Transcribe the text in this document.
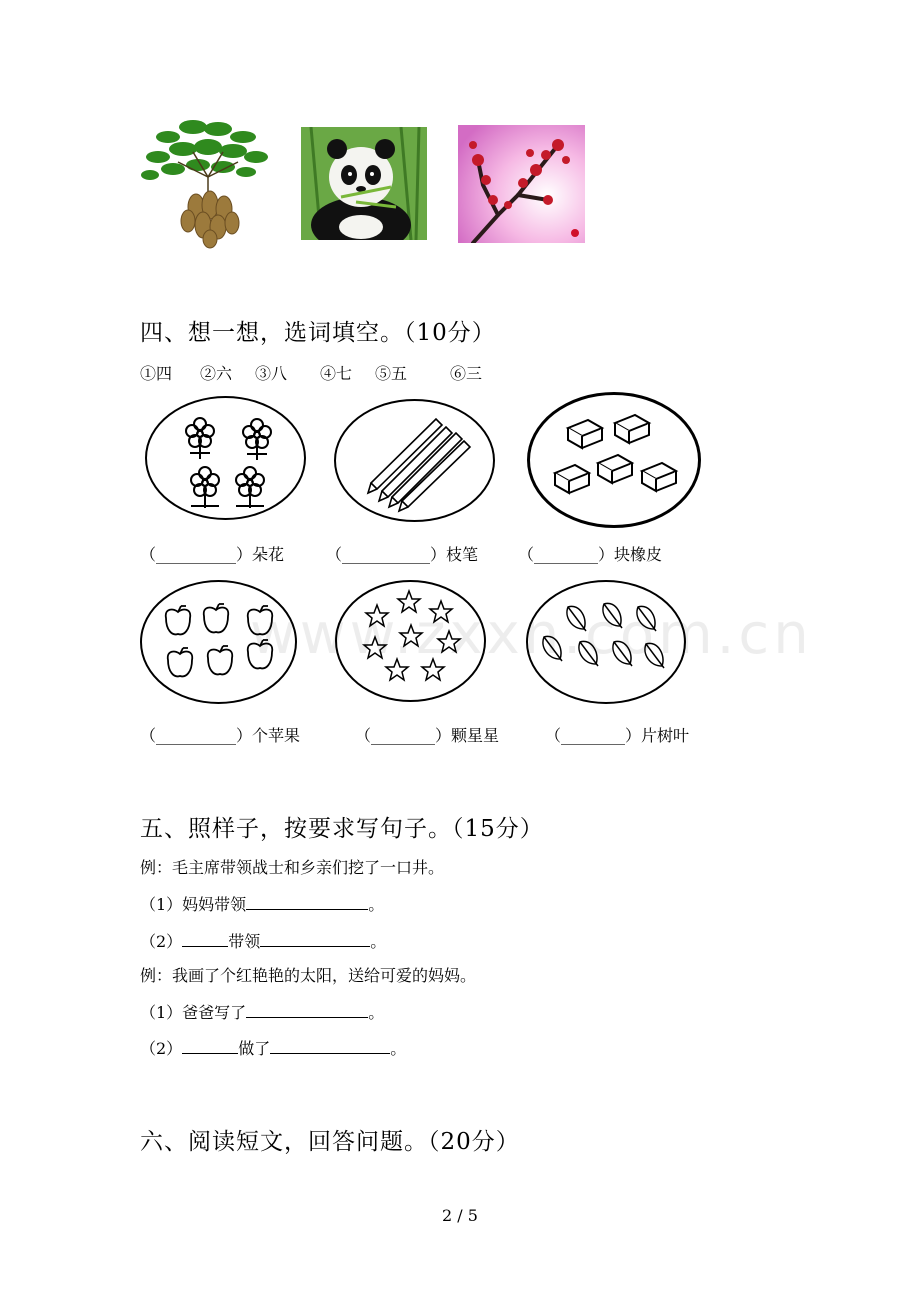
四、想一想，选词填空。（10分）
①四 ②六 ③八 ④七 ⑤五	⑥三
（__________）朵花	（___________）枝笔 （________）块橡皮
（__________）个苹果	（________）颗星星	（________）片树叶
五、照样子，按要求写句子。（15分）
例：毛主席带领战士和乡亲们挖了一口井。
（1）妈妈带领	。
（2）	带领	。
例：我画了个红艳艳的太阳，送给可爱的妈妈。
（1）爸爸写了	。
（2）	做了	。
六、阅读短文，回答问题。（20分）
2 / 5
